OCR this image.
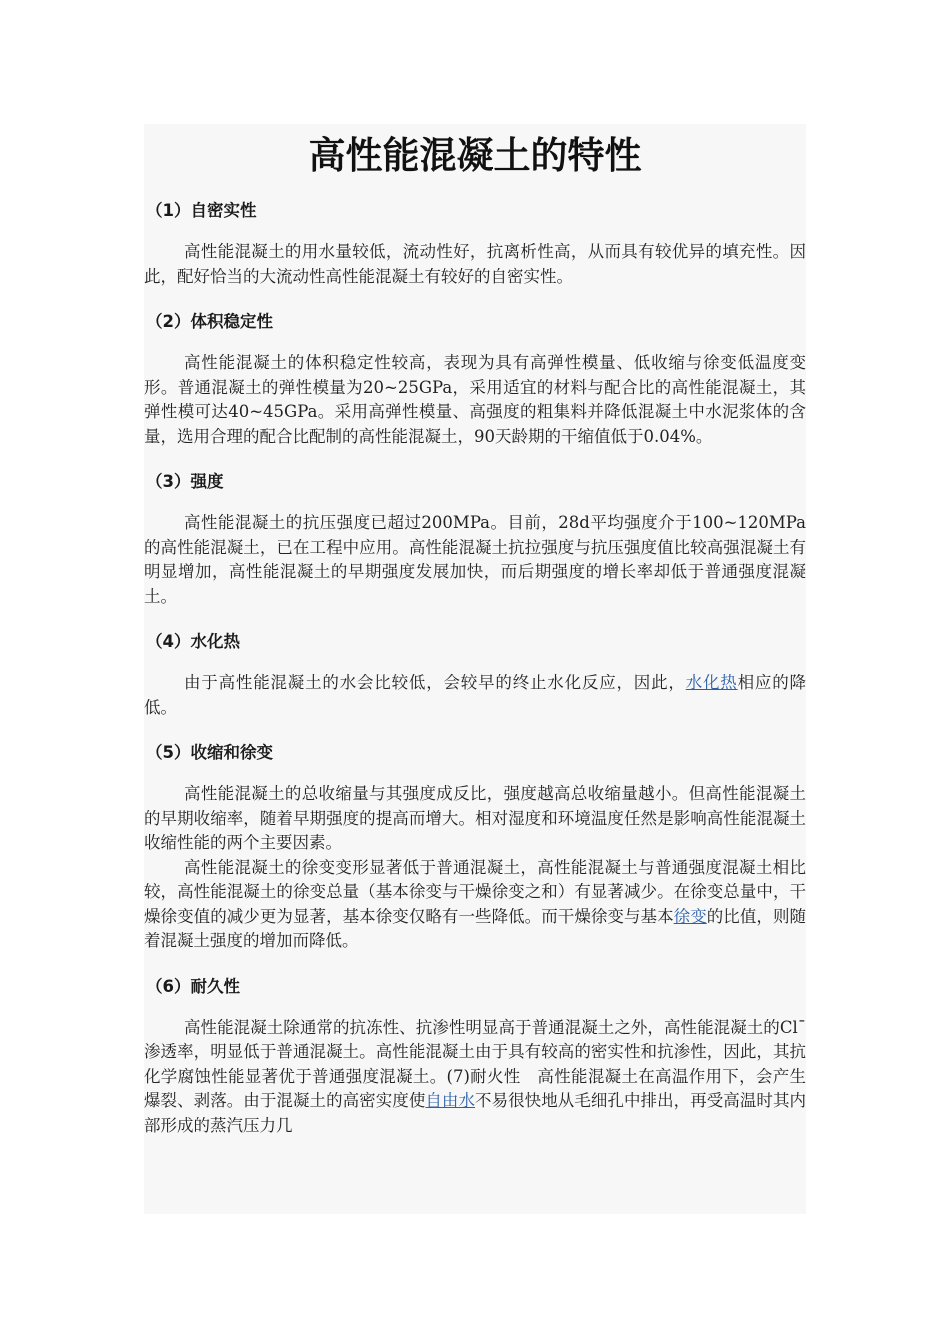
高性能混凝土的特性
（1）自密实性

高性能混凝土的用水量较低，流动性好，抗离析性高，从而具有较优异的填充性。因此，配好恰当的大流动性高性能混凝土有较好的自密实性。

（2）体积稳定性

高性能混凝土的体积稳定性较高，表现为具有高弹性模量、低收缩与徐变低温度变形。普通混凝土的弹性模量为20~25GPa，采用适宜的材料与配合比的高性能混凝土，其弹性模可达40~45GPa。采用高弹性模量、高强度的粗集料并降低混凝土中水泥浆体的含量，选用合理的配合比配制的高性能混凝土，90天龄期的干缩值低于0.04%。

（3）强度

高性能混凝土的抗压强度已超过200MPa。目前，28d平均强度介于100~120MPa的高性能混凝土，已在工程中应用。高性能混凝土抗拉强度与抗压强度值比较高强混凝土有明显增加，高性能混凝土的早期强度发展加快，而后期强度的增长率却低于普通强度混凝土。

（4）水化热

由于高性能混凝土的水会比较低，会较早的终止水化反应，因此，水化热相应的降低。

（5）收缩和徐变

高性能混凝土的总收缩量与其强度成反比，强度越高总收缩量越小。但高性能混凝土的早期收缩率，随着早期强度的提高而增大。相对湿度和环境温度任然是影响高性能混凝土收缩性能的两个主要因素。

高性能混凝土的徐变变形显著低于普通混凝土，高性能混凝土与普通强度混凝土相比较，高性能混凝土的徐变总量（基本徐变与干燥徐变之和）有显著减少。在徐变总量中，干燥徐变值的减少更为显著，基本徐变仅略有一些降低。而干燥徐变与基本徐变的比值，则随着混凝土强度的增加而降低。

（6）耐久性

高性能混凝土除通常的抗冻性、抗渗性明显高于普通混凝土之外，高性能混凝土的Cl¯ 渗透率，明显低于普通混凝土。高性能混凝土由于具有较高的密实性和抗渗性，因此，其抗化学腐蚀性能显著优于普通强度混凝土。(7)耐火性　高性能混凝土在高温作用下，会产生爆裂、剥落。由于混凝土的高密实度使自由水不易很快地从毛细孔中排出，再受高温时其内部形成的蒸汽压力几
